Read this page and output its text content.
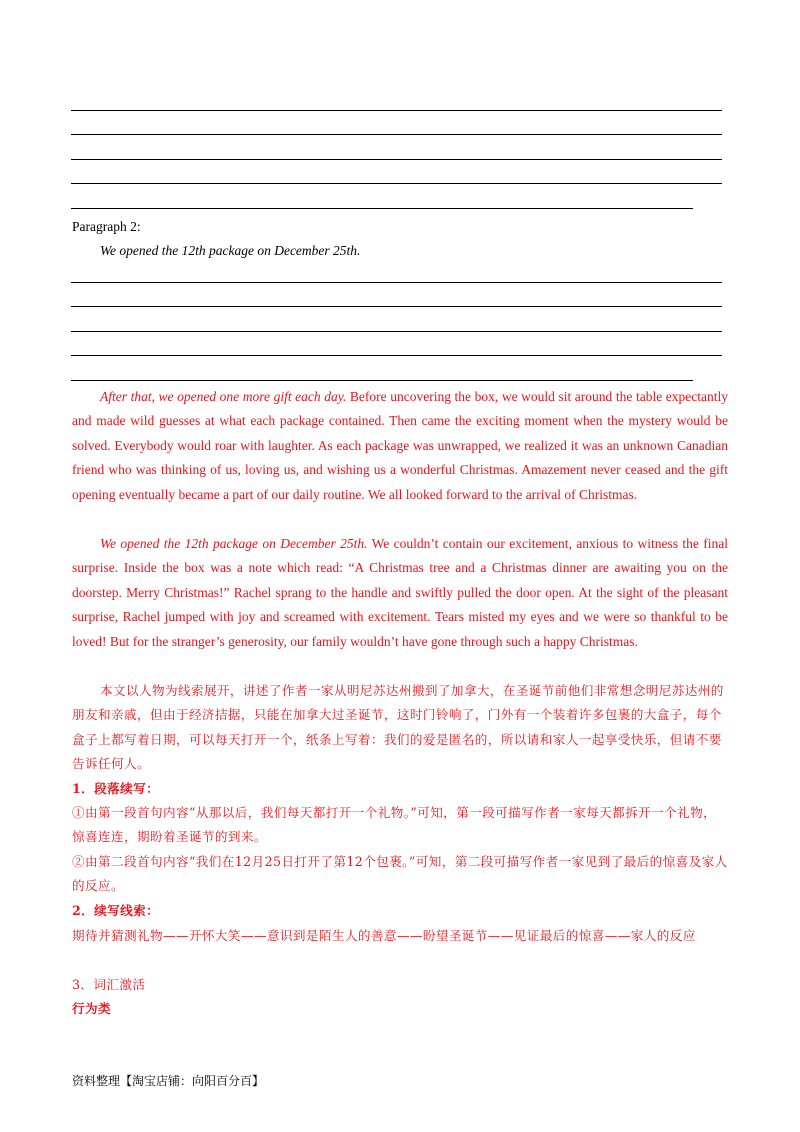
Paragraph 2:
We opened the 12th package on December 25th.

After that, we opened one more gift each day. Before uncovering the box, we would sit around the table expectantly and made wild guesses at what each package contained. Then came the exciting moment when the mystery would be solved. Everybody would roar with laughter. As each package was unwrapped, we realized it was an unknown Canadian friend who was thinking of us, loving us, and wishing us a wonderful Christmas. Amazement never ceased and the gift opening eventually became a part of our daily routine. We all looked forward to the arrival of Christmas.

We opened the 12th package on December 25th. We couldn’t contain our excitement, anxious to witness the final surprise. Inside the box was a note which read: “A Christmas tree and a Christmas dinner are awaiting you on the doorstep. Merry Christmas!” Rachel sprang to the handle and swiftly pulled the door open. At the sight of the pleasant surprise, Rachel jumped with joy and screamed with excitement. Tears misted my eyes and we were so thankful to be loved! But for the stranger’s generosity, our family wouldn’t have gone through such a happy Christmas.

本文以人物为线索展开，讲述了作者一家从明尼苏达州搬到了加拿大，在圣诞节前他们非常想念明尼苏达州的朋友和亲戚，但由于经济拮据，只能在加拿大过圣诞节，这时门铃响了，门外有一个装着许多包裹的大盒子，每个盒子上都写着日期，可以每天打开一个，纸条上写着：我们的爱是匿名的，所以请和家人一起享受快乐，但请不要告诉任何人。

1．段落续写：

①由第一段首句内容“从那以后，我们每天都打开一个礼物。”可知，第一段可描写作者一家每天都拆开一个礼物，惊喜连连，期盼着圣诞节的到来。

②由第二段首句内容“我们在12月25日打开了第12个包裹。”可知，第二段可描写作者一家见到了最后的惊喜及家人的反应。

2．续写线索：

期待并猜测礼物——开怀大笑——意识到是陌生人的善意——盼望圣诞节——见证最后的惊喜——家人的反应

3．词汇激活
行为类
资料整理【淘宝店铺：向阳百分百】
